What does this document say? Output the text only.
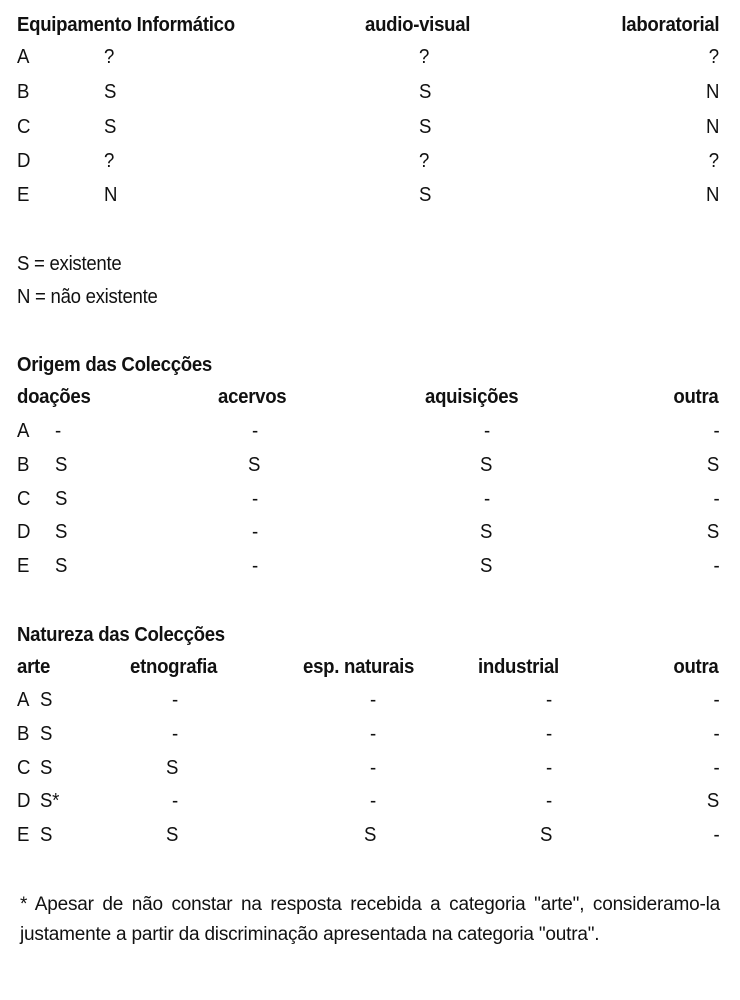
Equipamento Informático	audio-visual	laboratorial
A	?	?	?
B	S	S	N
C	S	S	N
D	?	?	?
E	N	S	N
S = existente
N = não existente
Origem das Colecções
doações	acervos	aquisições	outra
A -	-	-	-
B S	S	S	S
C S	-	-	-
D S	-	S	S
E S	-	S	-
Natureza das Colecções
arte	etnografia	esp. naturais	industrial	outra
A S	-	-	-	-
B S	-	-	-	-
C S	S	-	-	-
D S*	-	-	-	S
E S	S	S	S	-

* Apesar de não constar na resposta recebida a categoria "arte", consideramo-la justamente a partir da discriminação apresentada na categoria "outra".
